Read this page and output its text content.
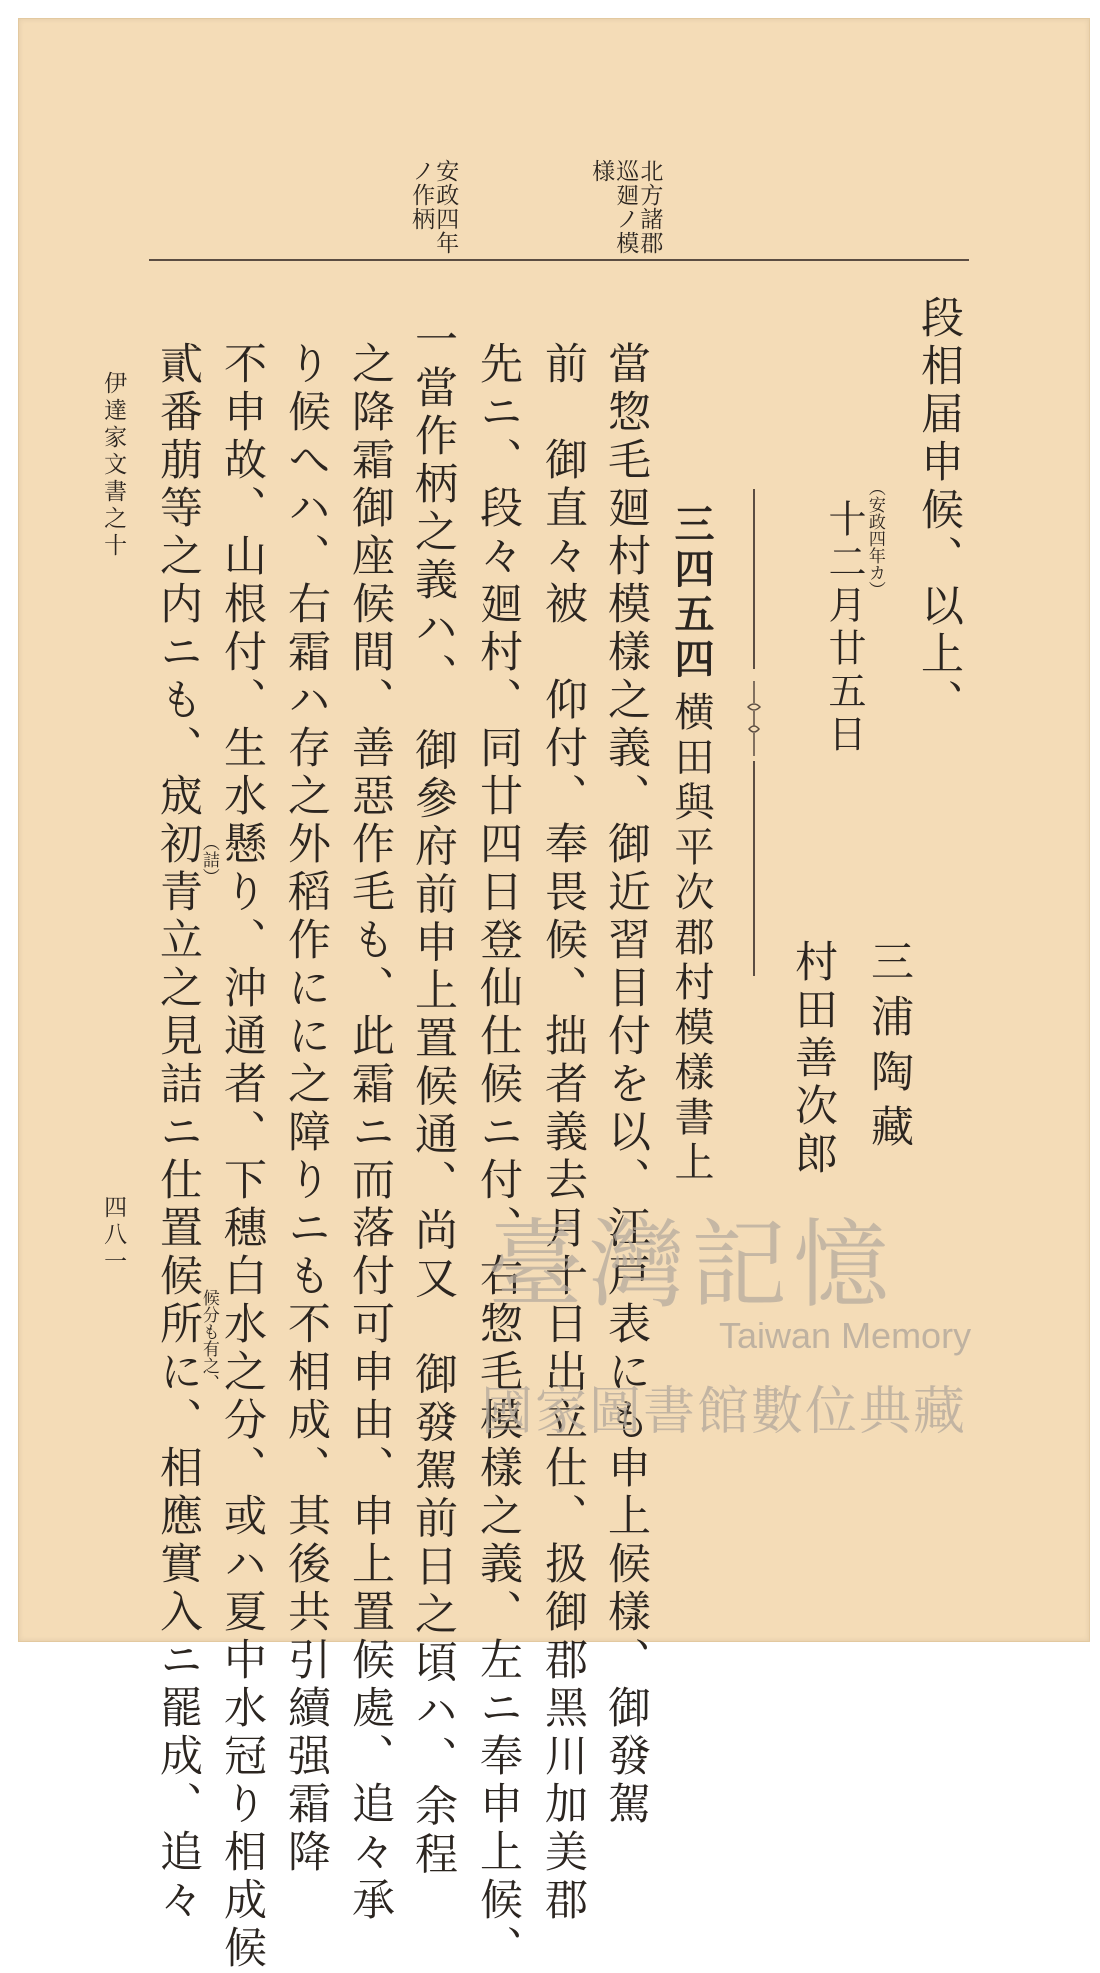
北方諸郡
巡廻ノ模
様
安政四年
ノ作柄
段相届申候、以上、
（安政四年カ）
十二月廿五日
三浦陶藏
村田善次郎
三四五四
横田與平次郡村模樣書上
當惣毛廻村模樣之義、御近習目付を以、江戸表にも申上候樣、御發駕
前　御直々被　仰付、奉畏候、拙者義去月十日出立仕、扱御郡黑川加美郡
先ニ、段々廻村、同廿四日登仙仕候ニ付、右惣毛模樣之義、左ニ奉申上候、
一當作柄之義ハ、　御參府前申上置候通、尚又　御發駕前日之頃ハ、余程
之降霜御座候間、善惡作毛も、此霜ニ而落付可申由、申上置候處、追々承
り候へハ、右霜ハ存之外稻作にに之障りニも不相成、其後共引續强霜降
不申故、山根付、生水懸り、沖通者、下穗白水之分、或ハ夏中水冠り相成候
貳番萠等之内ニも、宬初青立之見詰ニ仕置候所に、相應實入ニ罷成、追々
（詰）
候分も有之、
伊達家文書之十
四八一	臺灣記憶
Taiwan Memory
國家圖書館數位典藏
